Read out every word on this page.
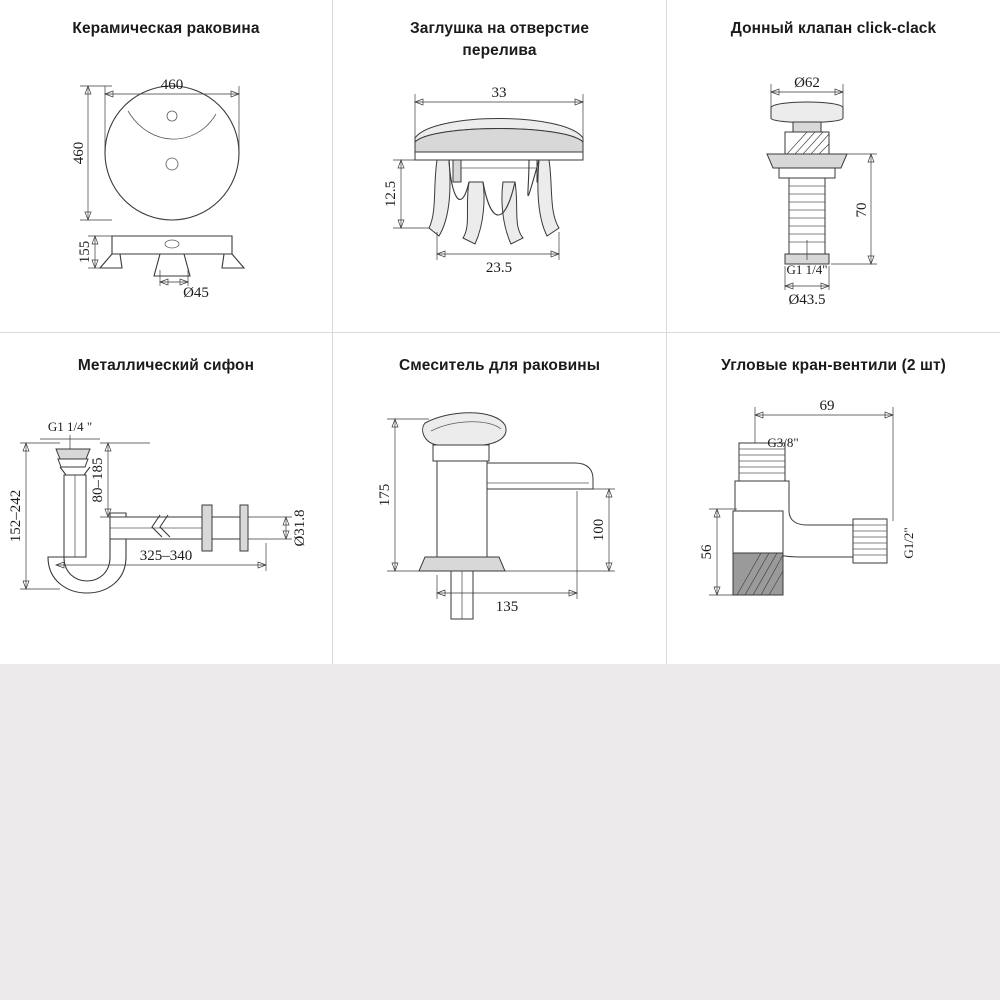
Керамическая раковина
460
460
155
Ø45
Заглушка на отверстие перелива
33
12.5
23.5
Донный клапан click-clack
Ø62
70
G1 1/4"
Ø43.5
Металлический сифон
G1 1/4 "
80–185
152–242	Ø31.8
325–340
Смеситель для раковины
175
100
135
Угловые кран-вентили (2 шт)
69
G3/8"
G1/2"
56
